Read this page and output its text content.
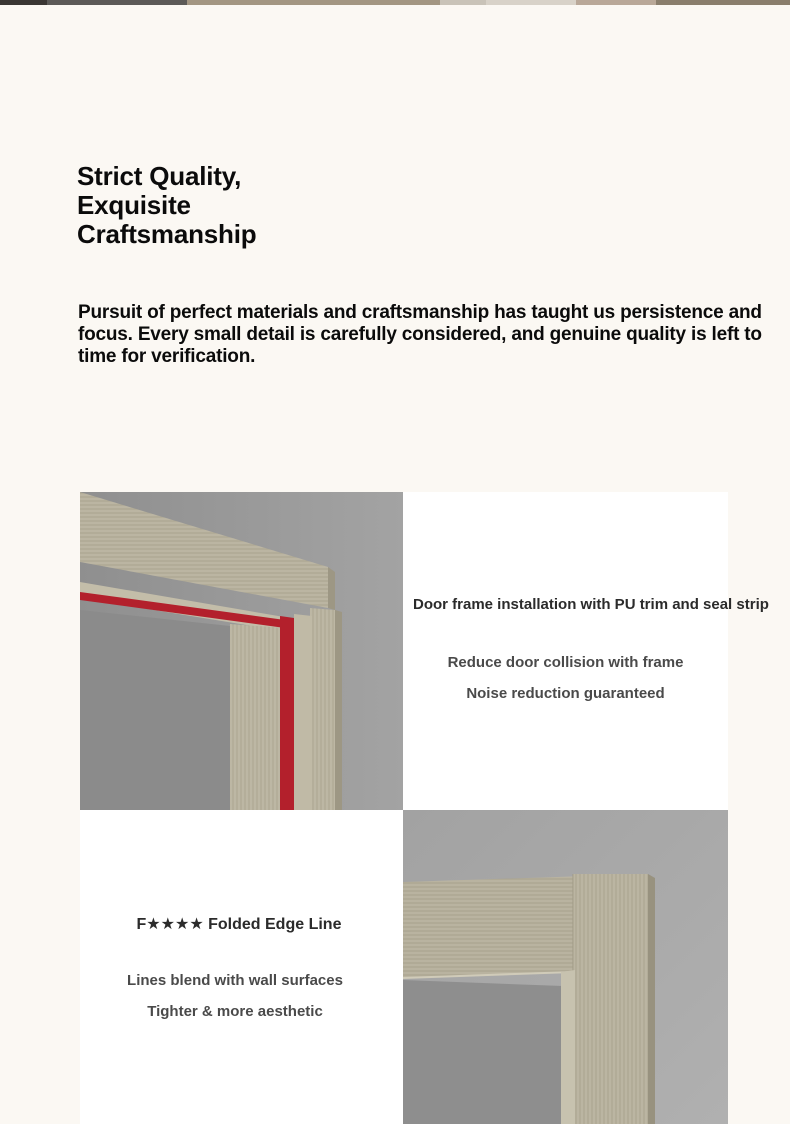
Strict Quality,
Exquisite
Craftsmanship

Pursuit of perfect materials and craftsmanship has taught us persistence and focus. Every small detail is carefully considered, and genuine quality is left to time for verification.

Door frame installation with PU trim and seal strip
Reduce door collision with frame
Noise reduction guaranteed
F★★★★ Folded Edge Line
Lines blend with wall surfaces
Tighter & more aesthetic
